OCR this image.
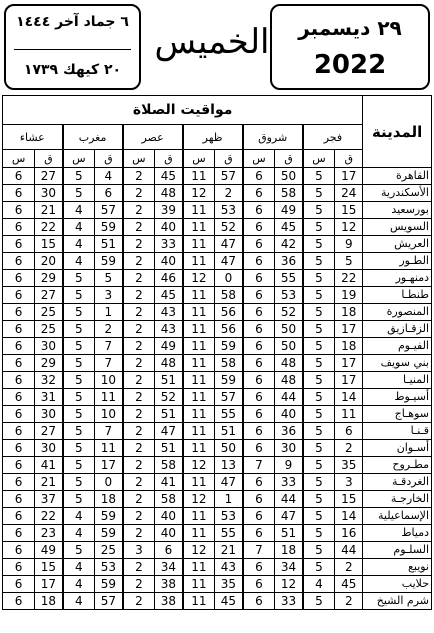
٦ جماد آخر ١٤٤٤
٢٠ كيهك ١٧٣٩
الخميس	٢٩ ديسمبر
2022
مواقيت الصلاة												المدينة
عشاء		مغرب		عصر		ظهر		شروق		فجر		
س	ق	س	ق	س	ق	س	ق	س	ق	س	ق	
6	27	5	4	2	45	11	57	6	50	5	17	القاهرة
6	30	5	6	2	48	12	2	6	58	5	24	الأسكندرية
6	21	4	57	2	39	11	53	6	49	5	15	بورسعيد
6	22	4	59	2	40	11	52	6	45	5	12	السويس
6	15	4	51	2	33	11	47	6	42	5	9	العريش
6	20	4	59	2	40	11	47	6	36	5	5	الطـور
6	29	5	5	2	46	12	0	6	55	5	22	دمنهـور
6	27	5	3	2	45	11	58	6	53	5	19	طنطـا
6	25	5	1	2	43	11	56	6	52	5	18	المنصورة
6	25	5	2	2	43	11	56	6	50	5	17	الزقـازيق
6	30	5	7	2	49	11	59	6	50	5	18	الفيـوم
6	29	5	7	2	48	11	58	6	48	5	17	بني سويف
6	32	5	10	2	51	11	59	6	48	5	17	المنيـا
6	31	5	11	2	52	11	57	6	44	5	14	أسيـوط
6	30	5	10	2	51	11	55	6	40	5	11	سوهـاج
6	27	5	7	2	47	11	51	6	36	5	6	قـنـا
6	30	5	11	2	51	11	50	6	30	5	2	أسـوان
6	41	5	17	2	58	12	13	7	9	5	35	مطـروح
6	21	5	0	2	41	11	47	6	33	5	3	الغردقـة
6	37	5	18	2	58	12	1	6	44	5	15	الخارجـة
6	22	4	59	2	40	11	53	6	47	5	14	الإسماعيلية
6	23	4	59	2	40	11	55	6	51	5	16	دمياط
6	49	5	25	3	6	12	21	7	18	5	44	السلـوم
6	15	4	53	2	34	11	43	6	34	5	2	نويبع
6	17	4	59	2	38	11	35	6	12	4	45	حلايب
6	18	4	57	2	38	11	45	6	33	5	2	شرم الشيخ
